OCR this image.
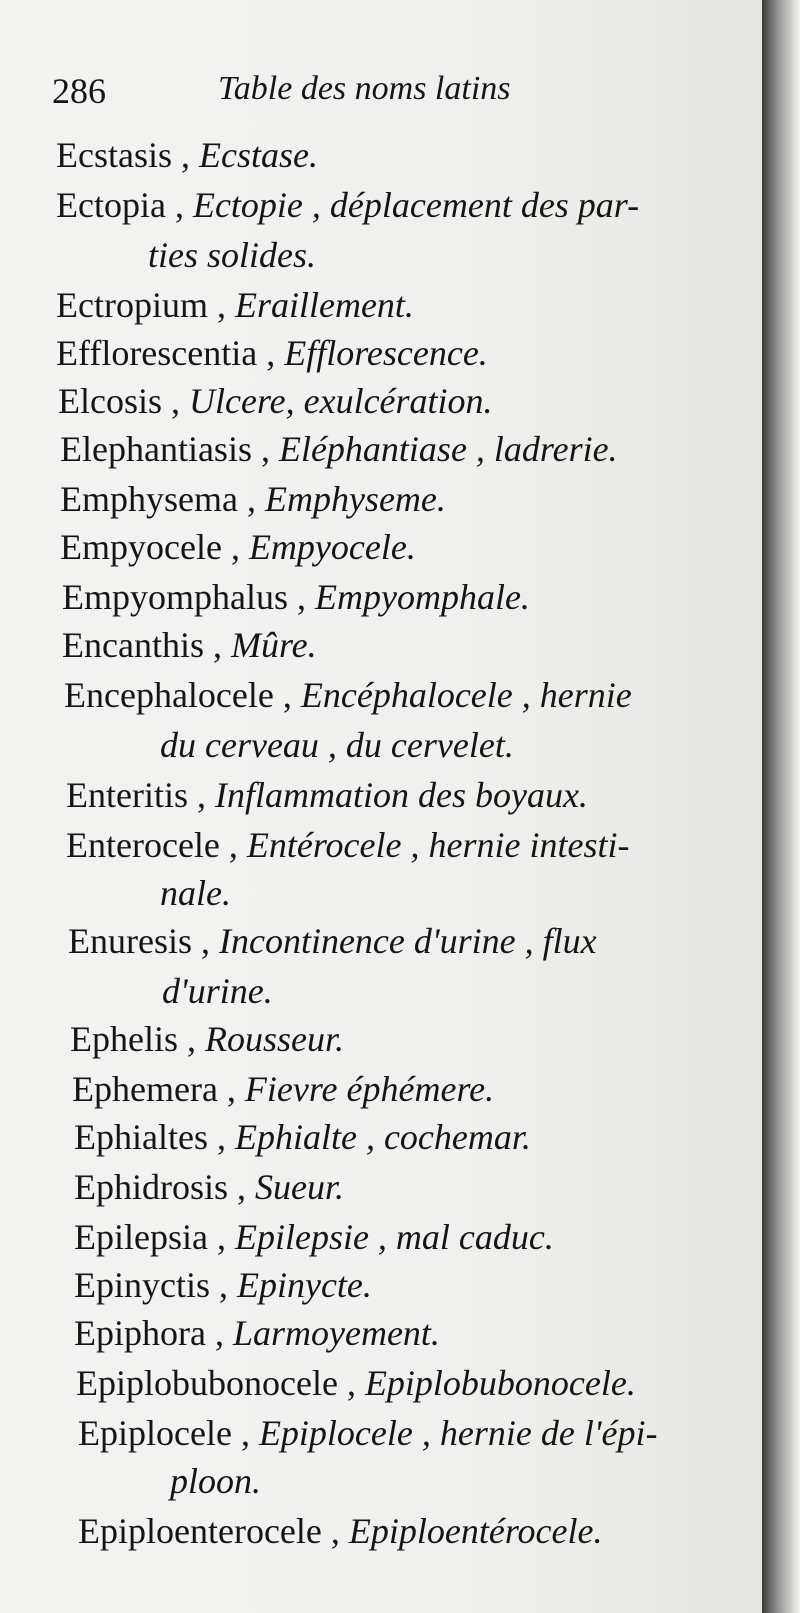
286	Table des noms latins
Ecstasis , Ecstase.
Ectopia , Ectopie , déplacement des par-
ties solides.
Ectropium , Eraillement.
Efflorescentia , Efflorescence.
Elcosis , Ulcere, exulcération.
Elephantiasis , Eléphantiase , ladrerie.
Emphysema , Emphyseme.
Empyocele , Empyocele.
Empyomphalus , Empyomphale.
Encanthis , Mûre.
Encephalocele , Encéphalocele , hernie
du cerveau , du cervelet.
Enteritis , Inflammation des boyaux.
Enterocele , Entérocele , hernie intesti-
nale.
Enuresis , Incontinence d'urine , flux
d'urine.
Ephelis , Rousseur.
Ephemera , Fievre éphémere.
Ephialtes , Ephialte , cochemar.
Ephidrosis , Sueur.
Epilepsia , Epilepsie , mal caduc.
Epinyctis , Epinycte.
Epiphora , Larmoyement.
Epiplobubonocele , Epiplobubonocele.
Epiplocele , Epiplocele , hernie de l'épi-
ploon.
Epiploenterocele , Epiploentérocele.
